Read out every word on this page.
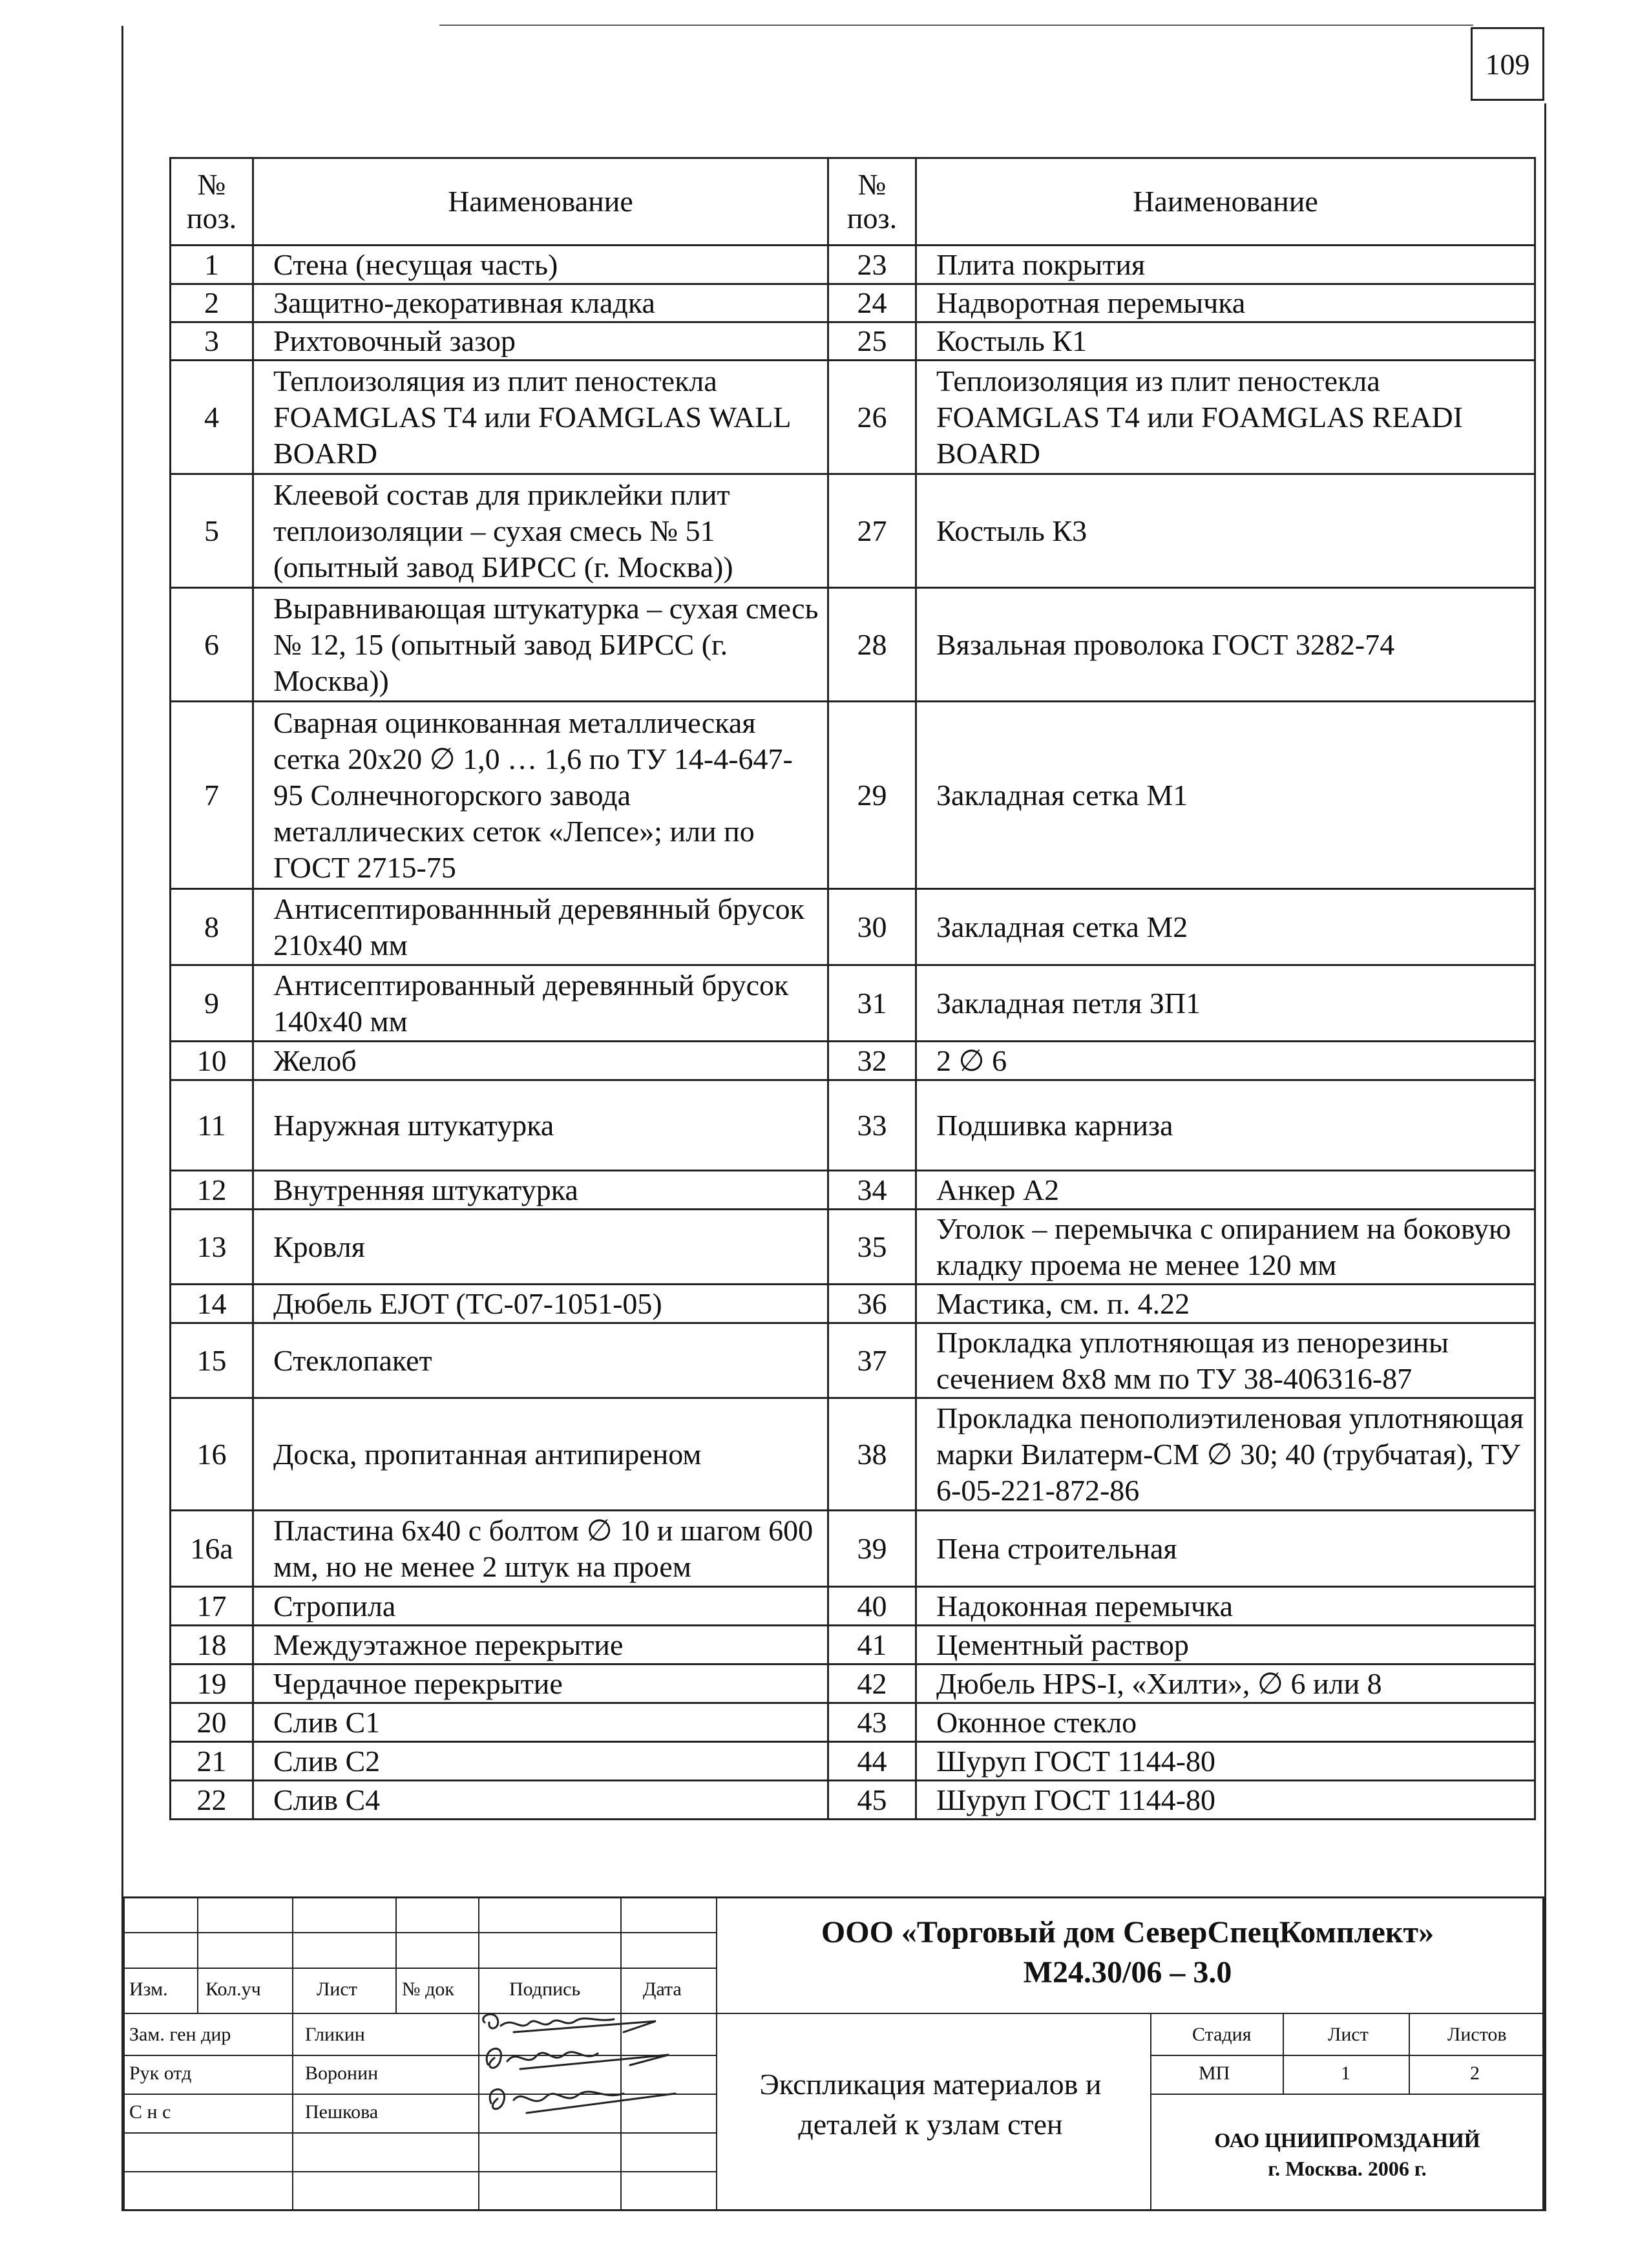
109
№ поз.	Наименование	№ поз.	Наименование
1	Стена (несущая часть)	23	Плита покрытия
2	Защитно-декоративная кладка	24	Надворотная перемычка
3	Рихтовочный зазор	25	Костыль К1
4	Теплоизоляция из плит пеностекла FOAMGLAS T4 или FOAMGLAS WALL BOARD	26	Теплоизоляция из плит пеностекла FOAMGLAS T4 или FOAMGLAS READI BOARD
5	Клеевой состав для приклейки плит теплоизоляции – сухая смесь № 51 (опытный завод БИРСС (г. Москва))	27	Костыль К3
6	Выравнивающая штукатурка – сухая смесь № 12, 15 (опытный завод БИРСС (г. Москва))	28	Вязальная проволока ГОСТ 3282-74
7	Сварная оцинкованная металлическая сетка 20х20 ∅ 1,0 … 1,6 по ТУ 14-4-647-95 Солнечногорского завода металлических сеток «Лепсе»; или по ГОСТ 2715-75	29	Закладная сетка М1
8	Антисептированнный деревянный брусок 210х40 мм	30	Закладная сетка М2
9	Антисептированный деревянный брусок 140х40 мм	31	Закладная петля ЗП1
10	Желоб	32	2 ∅ 6
11	Наружная штукатурка	33	Подшивка карниза
12	Внутренняя штукатурка	34	Анкер А2
13	Кровля	35	Уголок – перемычка с опиранием на боковую кладку проема не менее 120 мм
14	Дюбель EJOT (ТС-07-1051-05)	36	Мастика, см. п. 4.22
15	Стеклопакет	37	Прокладка уплотняющая из пенорезины сечением 8х8 мм по ТУ 38-406316-87
16	Доска, пропитанная антипиреном	38	Прокладка пенополиэтиленовая уплотняющая марки Вилатерм-СМ ∅ 30; 40 (трубчатая), ТУ 6-05-221-872-86
16а	Пластина 6х40 с болтом ∅ 10 и шагом 600 мм, но не менее 2 штук на проем	39	Пена строительная
17	Стропила	40	Надоконная перемычка
18	Междуэтажное перекрытие	41	Цементный раствор
19	Чердачное перекрытие	42	Дюбель HPS-I, «Хилти», ∅ 6 или 8
20	Слив С1	43	Оконное стекло
21	Слив С2	44	Шуруп ГОСТ 1144-80
22	Слив С4	45	Шуруп ГОСТ 1144-80
Изм. Кол.уч	Лист № док	Подпись	Дата
Зам. ген дир	Гликин
Рук отд	Воронин
С н с	Пешкова
ООО «Торговый дом СеверСпецКомплект»
М24.30/06 – 3.0
Экспликация материалов и деталей к узлам стен
Стадия	Лист	Листов
МП	1	2
ОАО ЦНИИПРОМЗДАНИЙ
г. Москва. 2006 г.
